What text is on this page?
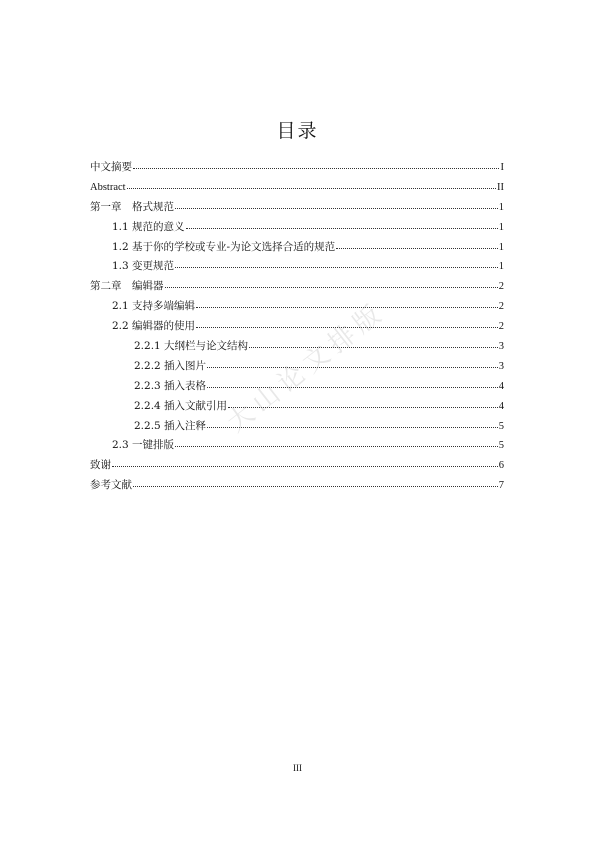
目录
中文摘要	I
Abstract	II
第一章　格式规范	1
1.1 规范的意义	1
1.2 基于你的学校或专业-为论文选择合适的规范	1
1.3 变更规范	1
第二章　编辑器	2
2.1 支持多端编辑	2
2.2 编辑器的使用	2
2.2.1 大纲栏与论文结构	3
2.2.2 插入图片	3
2.2.3 插入表格	4
2.2.4 插入文献引用	4
2.2.5 插入注释	5
2.3 一键排版	5
致谢	6
参考文献	7
大山论文排版
III
